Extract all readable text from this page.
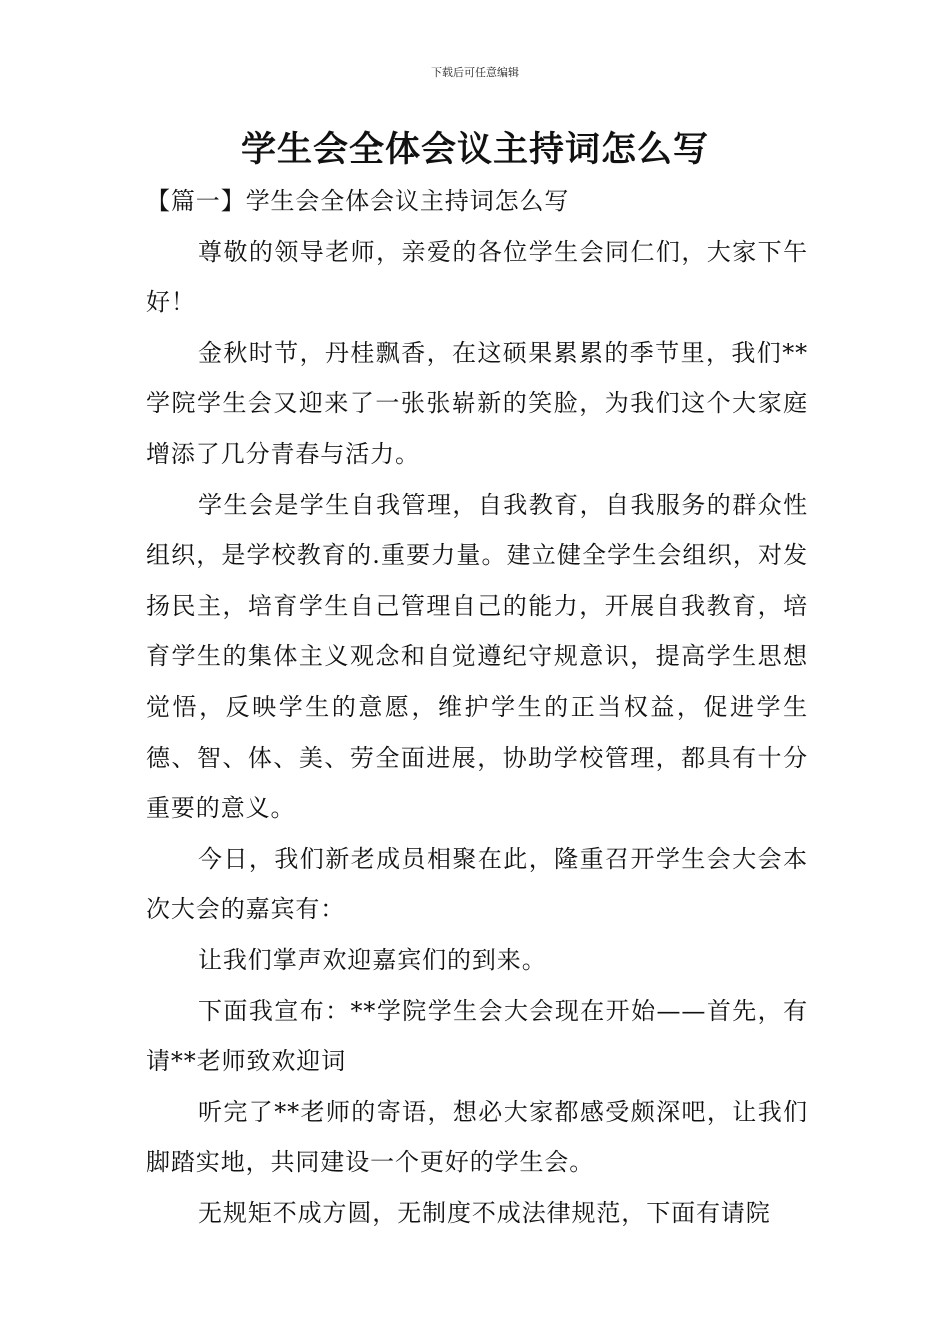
下载后可任意编辑
学生会全体会议主持词怎么写

【篇一】学生会全体会议主持词怎么写

尊敬的领导老师，亲爱的各位学生会同仁们，大家下午好！

金秋时节，丹桂飘香，在这硕果累累的季节里，我们**学院学生会又迎来了一张张崭新的笑脸，为我们这个大家庭增添了几分青春与活力。

学生会是学生自我管理，自我教育，自我服务的群众性组织，是学校教育的.重要力量。建立健全学生会组织，对发扬民主，培育学生自己管理自己的能力，开展自我教育，培育学生的集体主义观念和自觉遵纪守规意识，提高学生思想觉悟，反映学生的意愿，维护学生的正当权益，促进学生德、智、体、美、劳全面进展，协助学校管理，都具有十分重要的意义。

今日，我们新老成员相聚在此，隆重召开学生会大会本次大会的嘉宾有：

让我们掌声欢迎嘉宾们的到来。

下面我宣布：**学院学生会大会现在开始——首先，有请**老师致欢迎词

听完了**老师的寄语，想必大家都感受颇深吧，让我们脚踏实地，共同建设一个更好的学生会。

无规矩不成方圆，无制度不成法律规范，下面有请院
